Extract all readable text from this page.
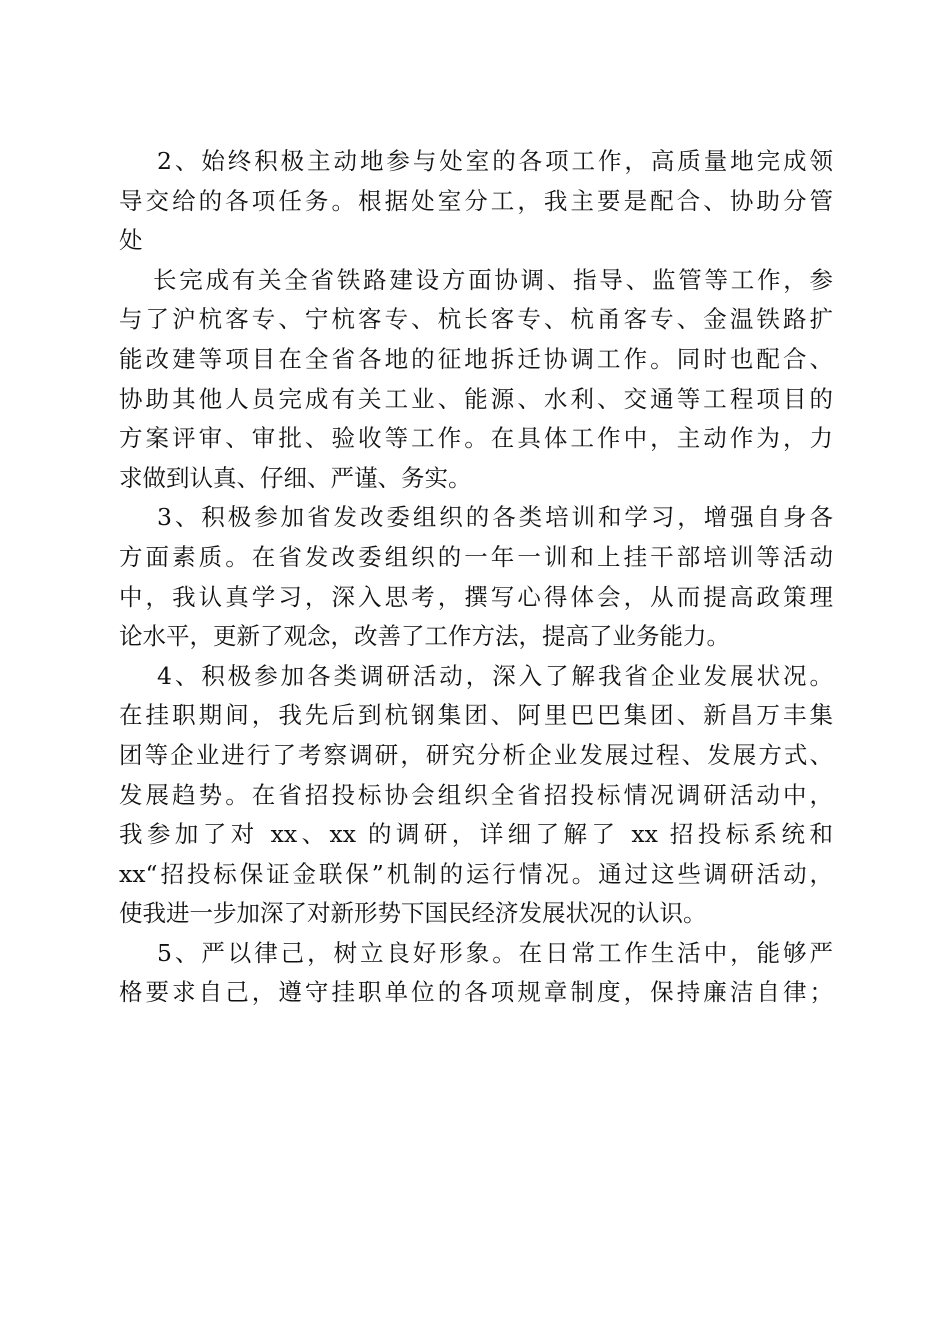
2、始终积极主动地参与处室的各项工作，高质量地完成领
导交给的各项任务。根据处室分工，我主要是配合、协助分管
处
长完成有关全省铁路建设方面协调、指导、监管等工作，参
与了沪杭客专、宁杭客专、杭长客专、杭甬客专、金温铁路扩
能改建等项目在全省各地的征地拆迁协调工作。同时也配合、
协助其他人员完成有关工业、能源、水利、交通等工程项目的
方案评审、审批、验收等工作。在具体工作中，主动作为，力
求做到认真、仔细、严谨、务实。
3、积极参加省发改委组织的各类培训和学习，增强自身各
方面素质。在省发改委组织的一年一训和上挂干部培训等活动
中，我认真学习，深入思考，撰写心得体会，从而提高政策理
论水平，更新了观念，改善了工作方法，提高了业务能力。
4、积极参加各类调研活动，深入了解我省企业发展状况。
在挂职期间，我先后到杭钢集团、阿里巴巴集团、新昌万丰集
团等企业进行了考察调研，研究分析企业发展过程、发展方式、
发展趋势。在省招投标协会组织全省招投标情况调研活动中，
我参加了对 xx、xx 的调研，详细了解了 xx 招投标系统和
xx“招投标保证金联保”机制的运行情况。通过这些调研活动，
使我进一步加深了对新形势下国民经济发展状况的认识。
5、严以律己，树立良好形象。在日常工作生活中，能够严
格要求自己，遵守挂职单位的各项规章制度，保持廉洁自律；
